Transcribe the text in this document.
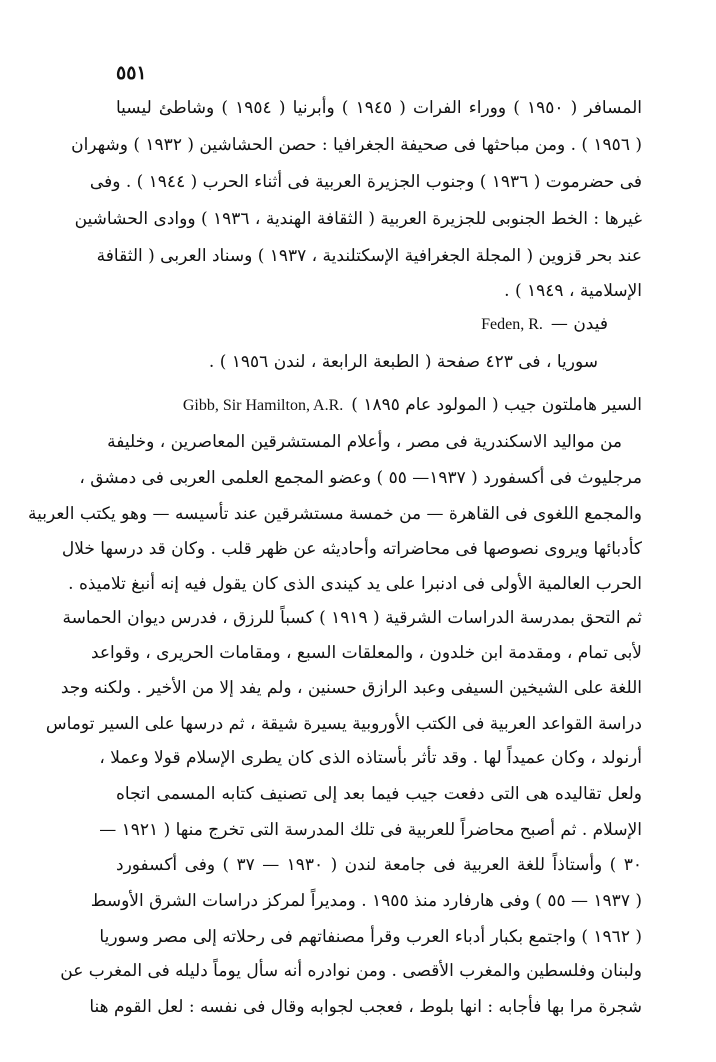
٥٥١
المسافر ( ١٩٥٠ ) ووراء الفرات ( ١٩٤٥ ) وأبرنيا ( ١٩٥٤ ) وشاطئ ليسيا
( ١٩٥٦ ) . ومن مباحثها فى صحيفة الجغرافيا : حصن الحشاشين ( ١٩٣٢ ) وشهران
فى حضرموت ( ١٩٣٦ ) وجنوب الجزيرة العربية فى أثناء الحرب ( ١٩٤٤ ) . وفى
غيرها : الخط الجنوبى للجزيرة العربية ( الثقافة الهندية ، ١٩٣٦ ) ووادى الحشاشين
عند بحر قزوين ( المجلة الجغرافية الإسكتلندية ، ١٩٣٧ ) وسناد العربى ( الثقافة
الإسلامية ، ١٩٤٩ ) .
فيدن —Feden, R.
سوريا ، فى ٤٢٣ صفحة ( الطبعة الرابعة ، لندن ١٩٥٦ ) .
السير هاملتون جيب ( المولود عام ١٨٩٥ )Gibb, Sir Hamilton, A.R.
من مواليد الاسكندرية فى مصر ، وأعلام المستشرقين المعاصرين ، وخليفة
مرجليوث فى أكسفورد ( ١٩٣٧— ٥٥ ) وعضو المجمع العلمى العربى فى دمشق ،
والمجمع اللغوى فى القاهرة — من خمسة مستشرقين عند تأسيسه — وهو يكتب العربية
كأدبائها ويروى نصوصها فى محاضراته وأحاديثه عن ظهر قلب . وكان قد درسها خلال
الحرب العالمية الأولى فى ادنبرا على يد كيندى الذى كان يقول فيه إنه أنبغ تلاميذه .
ثم التحق بمدرسة الدراسات الشرقية ( ١٩١٩ ) كسباً للرزق ، فدرس ديوان الحماسة
لأبى تمام ، ومقدمة ابن خلدون ، والمعلقات السبع ، ومقامات الحريرى ، وقواعد
اللغة على الشيخين السيفى وعبد الرازق حسنين ، ولم يفد إلا من الأخير . ولكنه وجد
دراسة القواعد العربية فى الكتب الأوروبية يسيرة شيقة ، ثم درسها على السير توماس
أرنولد ، وكان عميداً لها . وقد تأثر بأستاذه الذى كان يطرى الإسلام قولا وعملا ،
ولعل تقاليده هى التى دفعت جيب فيما بعد إلى تصنيف كتابه المسمى اتجاه
الإسلام . ثم أصبح محاضراً للعربية فى تلك المدرسة التى تخرج منها ( ١٩٢١ —
٣٠ ) وأستاذاً للغة العربية فى جامعة لندن ( ١٩٣٠ — ٣٧ ) وفى أكسفورد
( ١٩٣٧ — ٥٥ ) وفى هارفارد منذ ١٩٥٥ . ومديراً لمركز دراسات الشرق الأوسط
( ١٩٦٢ ) واجتمع بكبار أدباء العرب وقرأ مصنفاتهم فى رحلاته إلى مصر وسوريا
ولبنان وفلسطين والمغرب الأقصى . ومن نوادره أنه سأل يوماً دليله فى المغرب عن
شجرة مرا بها فأجابه : انها بلوط ، فعجب لجوابه وقال فى نفسه : لعل القوم هنا
